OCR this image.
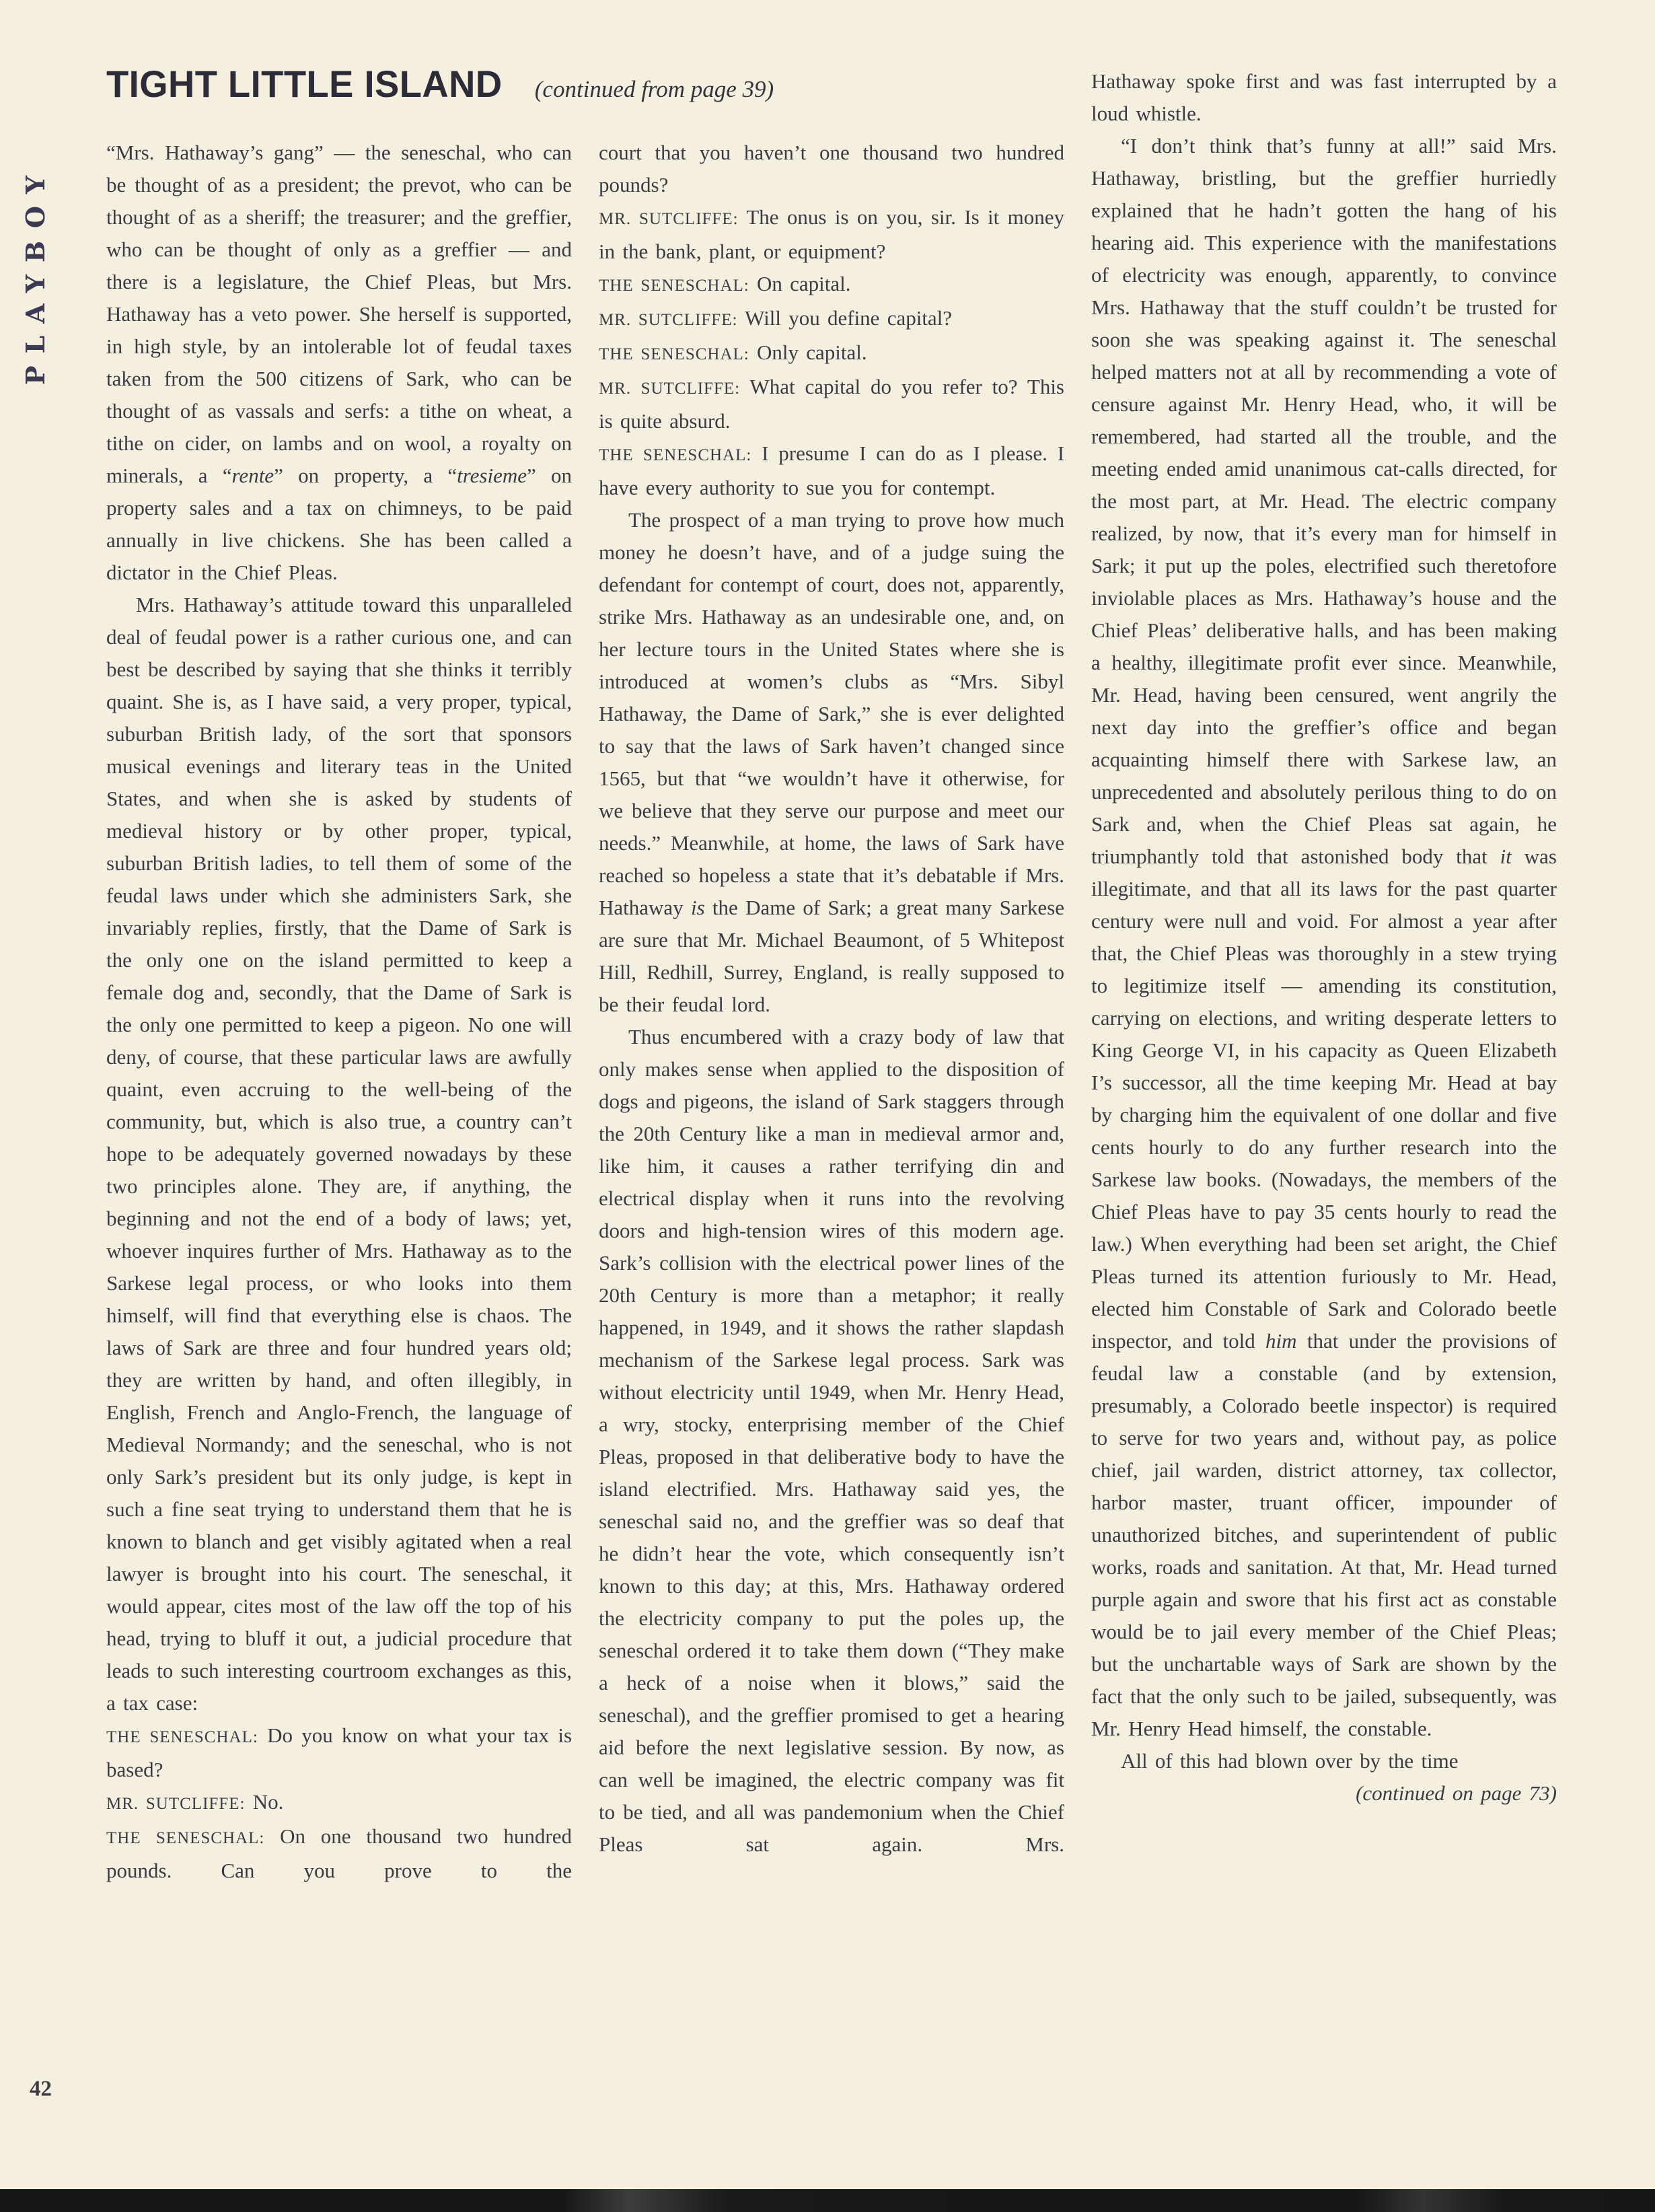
PLAYBOY
TIGHT LITTLE ISLAND (continued from page 39)

“Mrs. Hathaway’s gang” — the seneschal, who can be thought of as a president; the prevot, who can be thought of as a sheriff; the treasurer; and the greffier, who can be thought of only as a greffier — and there is a legislature, the Chief Pleas, but Mrs. Hathaway has a veto power. She herself is supported, in high style, by an intolerable lot of feudal taxes taken from the 500 citizens of Sark, who can be thought of as vassals and serfs: a tithe on wheat, a tithe on cider, on lambs and on wool, a royalty on minerals, a “rente” on property, a “tresieme” on property sales and a tax on chimneys, to be paid annually in live chickens. She has been called a dictator in the Chief Pleas.

Mrs. Hathaway’s attitude toward this unparalleled deal of feudal power is a rather curious one, and can best be described by saying that she thinks it terribly quaint. She is, as I have said, a very proper, typical, suburban British lady, of the sort that sponsors musical evenings and literary teas in the United States, and when she is asked by students of medieval history or by other proper, typical, suburban British ladies, to tell them of some of the feudal laws under which she administers Sark, she invariably replies, firstly, that the Dame of Sark is the only one on the island permitted to keep a female dog and, secondly, that the Dame of Sark is the only one permitted to keep a pigeon. No one will deny, of course, that these particular laws are awfully quaint, even accruing to the well-being of the community, but, which is also true, a country can’t hope to be adequately governed nowadays by these two principles alone. They are, if anything, the beginning and not the end of a body of laws; yet, whoever inquires further of Mrs. Hathaway as to the Sarkese legal process, or who looks into them himself, will find that everything else is chaos. The laws of Sark are three and four hundred years old; they are written by hand, and often illegibly, in English, French and Anglo-French, the language of Medieval Normandy; and the seneschal, who is not only Sark’s president but its only judge, is kept in such a fine seat trying to understand them that he is known to blanch and get visibly agitated when a real lawyer is brought into his court. The seneschal, it would appear, cites most of the law off the top of his head, trying to bluff it out, a judicial procedure that leads to such interesting courtroom exchanges as this, a tax case:

THE SENESCHAL: Do you know on what your tax is based?

MR. SUTCLIFFE: No.

THE SENESCHAL: On one thousand two hundred pounds. Can you prove to the

court that you haven’t one thousand two hundred pounds?

MR. SUTCLIFFE: The onus is on you, sir. Is it money in the bank, plant, or equipment?

THE SENESCHAL: On capital.

MR. SUTCLIFFE: Will you define capital?

THE SENESCHAL: Only capital.

MR. SUTCLIFFE: What capital do you refer to? This is quite absurd.

THE SENESCHAL: I presume I can do as I please. I have every authority to sue you for contempt.

The prospect of a man trying to prove how much money he doesn’t have, and of a judge suing the defendant for contempt of court, does not, apparently, strike Mrs. Hathaway as an undesirable one, and, on her lecture tours in the United States where she is introduced at women’s clubs as “Mrs. Sibyl Hathaway, the Dame of Sark,” she is ever delighted to say that the laws of Sark haven’t changed since 1565, but that “we wouldn’t have it otherwise, for we believe that they serve our purpose and meet our needs.” Meanwhile, at home, the laws of Sark have reached so hopeless a state that it’s debatable if Mrs. Hathaway is the Dame of Sark; a great many Sarkese are sure that Mr. Michael Beaumont, of 5 Whitepost Hill, Redhill, Surrey, England, is really supposed to be their feudal lord.

Thus encumbered with a crazy body of law that only makes sense when applied to the disposition of dogs and pigeons, the island of Sark staggers through the 20th Century like a man in medieval armor and, like him, it causes a rather terrifying din and electrical display when it runs into the revolving doors and high-tension wires of this modern age. Sark’s collision with the electrical power lines of the 20th Century is more than a metaphor; it really happened, in 1949, and it shows the rather slapdash mechanism of the Sarkese legal process. Sark was without electricity until 1949, when Mr. Henry Head, a wry, stocky, enterprising member of the Chief Pleas, proposed in that deliberative body to have the island electrified. Mrs. Hathaway said yes, the seneschal said no, and the greffier was so deaf that he didn’t hear the vote, which consequently isn’t known to this day; at this, Mrs. Hathaway ordered the electricity company to put the poles up, the seneschal ordered it to take them down (“They make a heck of a noise when it blows,” said the seneschal), and the greffier promised to get a hearing aid before the next legislative session. By now, as can well be imagined, the electric company was fit to be tied, and all was pandemonium when the Chief Pleas sat again. Mrs.

Hathaway spoke first and was fast interrupted by a loud whistle.

“I don’t think that’s funny at all!” said Mrs. Hathaway, bristling, but the greffier hurriedly explained that he hadn’t gotten the hang of his hearing aid. This experience with the manifestations of electricity was enough, apparently, to convince Mrs. Hathaway that the stuff couldn’t be trusted for soon she was speaking against it. The seneschal helped matters not at all by recommending a vote of censure against Mr. Henry Head, who, it will be remembered, had started all the trouble, and the meeting ended amid unanimous cat-calls directed, for the most part, at Mr. Head. The electric company realized, by now, that it’s every man for himself in Sark; it put up the poles, electrified such theretofore inviolable places as Mrs. Hathaway’s house and the Chief Pleas’ deliberative halls, and has been making a healthy, illegitimate profit ever since. Meanwhile, Mr. Head, having been censured, went angrily the next day into the greffier’s office and began acquainting himself there with Sarkese law, an unprecedented and absolutely perilous thing to do on Sark and, when the Chief Pleas sat again, he triumphantly told that astonished body that it was illegitimate, and that all its laws for the past quarter century were null and void. For almost a year after that, the Chief Pleas was thoroughly in a stew trying to legitimize itself — amending its constitution, carrying on elections, and writing desperate letters to King George VI, in his capacity as Queen Elizabeth I’s successor, all the time keeping Mr. Head at bay by charging him the equivalent of one dollar and five cents hourly to do any further research into the Sarkese law books. (Nowadays, the members of the Chief Pleas have to pay 35 cents hourly to read the law.) When everything had been set aright, the Chief Pleas turned its attention furiously to Mr. Head, elected him Constable of Sark and Colorado beetle inspector, and told him that under the provisions of feudal law a constable (and by extension, presumably, a Colorado beetle inspector) is required to serve for two years and, without pay, as police chief, jail warden, district attorney, tax collector, harbor master, truant officer, impounder of unauthorized bitches, and superintendent of public works, roads and sanitation. At that, Mr. Head turned purple again and swore that his first act as constable would be to jail every member of the Chief Pleas; but the unchartable ways of Sark are shown by the fact that the only such to be jailed, subsequently, was Mr. Henry Head himself, the constable.

All of this had blown over by the time

(continued on page 73)

42
